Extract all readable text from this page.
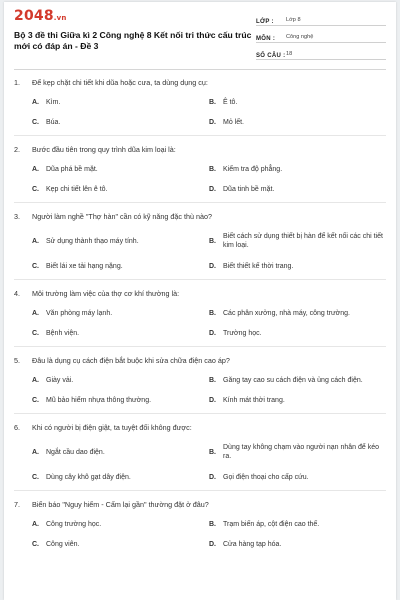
2048.vn
Bộ 3 đề thi Giữa kì 2 Công nghệ 8 Kết nối tri thức cấu trúc mới có đáp án - Đề 3
LỚP :	Lớp 8
MÔN :	Công nghệ
SỐ CÂU : 18
1.	Để kẹp chặt chi tiết khi dũa hoặc cưa, ta dùng dụng cụ:
A.	Kìm.	B.	Ê tô.
C.	Búa.	D.	Mỏ lết.
2.	Bước đầu tiên trong quy trình dũa kim loại là:
A.	Dũa phá bề mặt.	B.	Kiểm tra độ phẳng.
C.	Kẹp chi tiết lên ê tô.	D.	Dũa tinh bề mặt.
3.	Người làm nghề "Thợ hàn" cần có kỹ năng đặc thù nào?
A.	Sử dụng thành thạo máy tính.	B.
Biết cách sử dụng thiết bị hàn để kết nối các chi tiết kim loại.
C.	Biết lái xe tải hạng nặng.	D.	Biết thiết kế thời trang.
4.	Môi trường làm việc của thợ cơ khí thường là:
A.	Văn phòng máy lạnh.	B.	Các phân xưởng, nhà máy, công trường.
C.	Bệnh viện.	D.	Trường học.
5.	Đâu là dụng cụ cách điện bắt buộc khi sửa chữa điện cao áp?
A.	Giày vải.	B.	Găng tay cao su cách điện và ủng cách điện.
C.	Mũ bảo hiểm nhựa thông thường.	D.	Kính mát thời trang.
6.	Khi có người bị điện giật, ta tuyệt đối không được:
A.	Ngắt cầu dao điện.	B.
Dùng tay không chạm vào người nạn nhân để kéo ra.
C.	Dùng cây khô gạt dây điện.	D.	Gọi điện thoại cho cấp cứu.
7.	Biển báo "Nguy hiểm - Cấm lại gần" thường đặt ở đâu?
A.	Công trường học.	B.	Trạm biến áp, cột điện cao thế.
C.	Công viên.	D.	Cửa hàng tạp hóa.
